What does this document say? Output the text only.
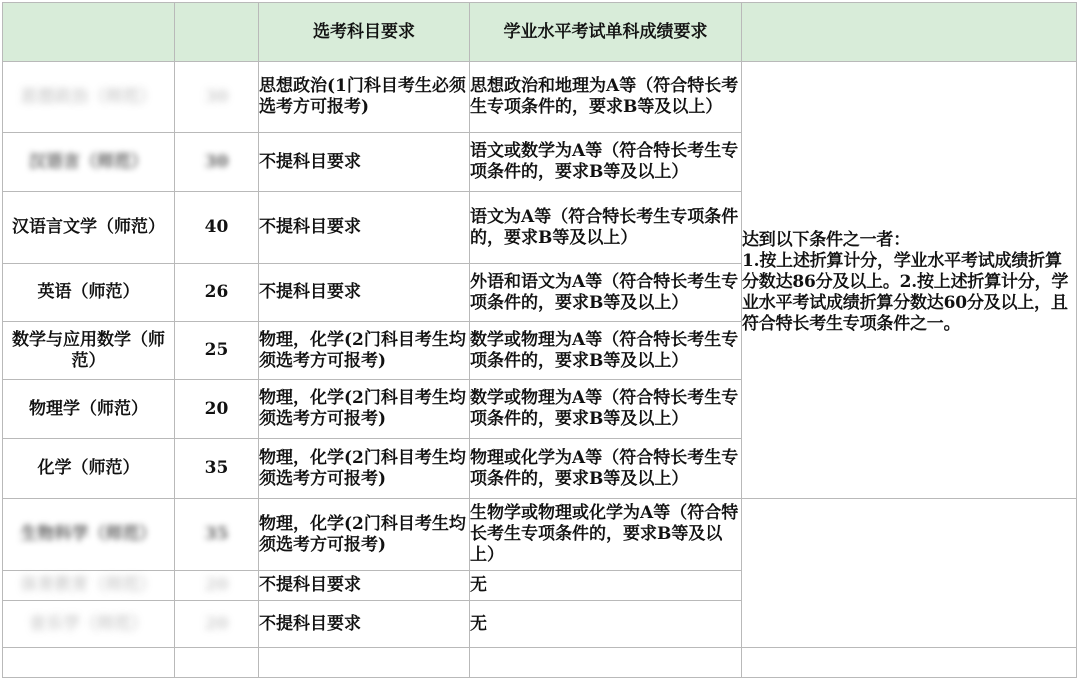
		选考科目要求	学业水平考试单科成绩要求	
思想政治（师范）	30	思想政治(1门科目考生必须选考方可报考)	思想政治和地理为A等（符合特长考生专项条件的，要求B等及以上）	达到以下条件之一者：
1.按上述折算计分，学业水平考试成绩折算分数达86分及以上。2.按上述折算计分，学业水平考试成绩折算分数达60分及以上，且符合特长考生专项条件之一。

汉语言（师范）	30	不提科目要求	语文或数学为A等（符合特长考生专项条件的，要求B等及以上）	
汉语言文学（师范）	40	不提科目要求	语文为A等（符合特长考生专项条件的，要求B等及以上）	
英语（师范）	26	不提科目要求	外语和语文为A等（符合特长考生专项条件的，要求B等及以上）	
数学与应用数学（师范）	25	物理，化学(2门科目考生均须选考方可报考)	数学或物理为A等（符合特长考生专项条件的，要求B等及以上）	
物理学（师范）	20	物理，化学(2门科目考生均须选考方可报考)	数学或物理为A等（符合特长考生专项条件的，要求B等及以上）	
化学（师范）	35	物理，化学(2门科目考生均须选考方可报考)	物理或化学为A等（符合特长考生专项条件的，要求B等及以上）	
生物科学（师范）	35	物理，化学(2门科目考生均须选考方可报考)	生物学或物理或化学为A等（符合特长考生专项条件的，要求B等及以上）	
体育教育（师范）	20	不提科目要求	无	
音乐学（师范）	20	不提科目要求	无	
